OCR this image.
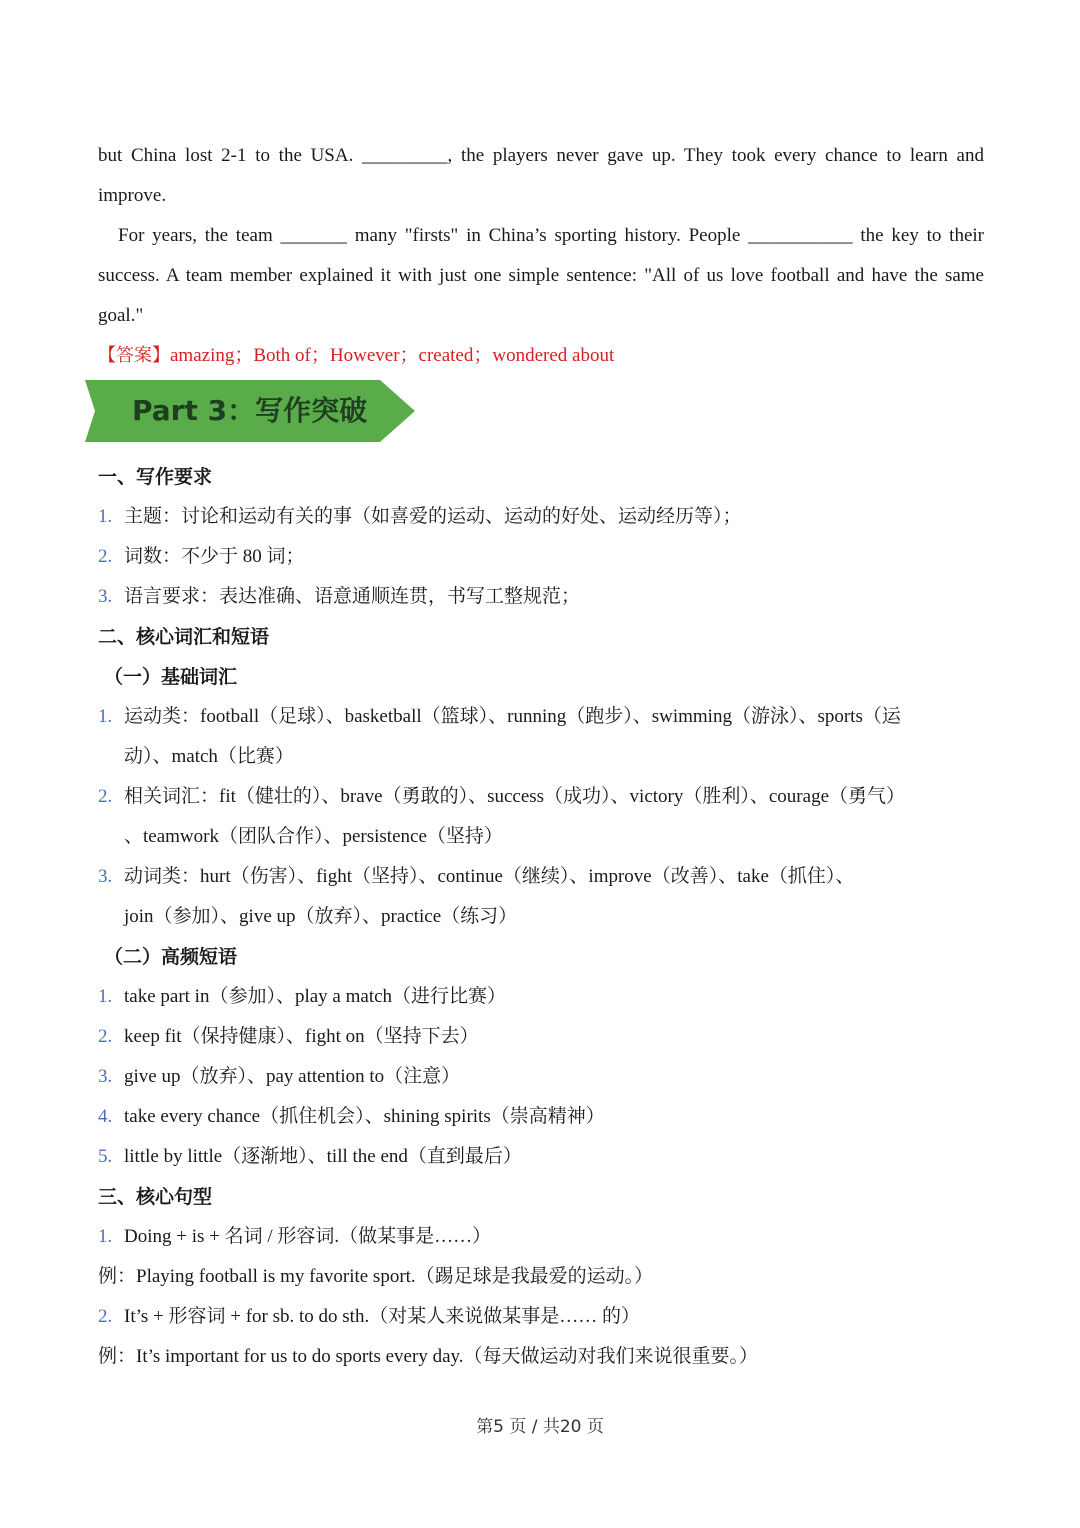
but China lost 2-1 to the USA. _________, the players never gave up. They took every chance to learn and
improve.
For years, the team _______ many "firsts" in China’s sporting history. People ___________ the key to their
success. A team member explained it with just one simple sentence: "All of us love football and have the same
goal."
【答案】amazing；Both of；However；created；wondered about
Part 3：写作突破
一、写作要求
1. 主题：讨论和运动有关的事（如喜爱的运动、运动的好处、运动经历等）；
2. 词数：不少于 80 词；
3. 语言要求：表达准确、语意通顺连贯，书写工整规范；
二、核心词汇和短语
（一）基础词汇
1. 运动类：football（足球）、basketball（篮球）、running（跑步）、swimming（游泳）、sports（运
动）、match（比赛）
2. 相关词汇：fit（健壮的）、brave（勇敢的）、success（成功）、victory（胜利）、courage（勇气）
、teamwork（团队合作）、persistence（坚持）
3. 动词类：hurt（伤害）、fight（坚持）、continue（继续）、improve（改善）、take（抓住）、
join（参加）、give up（放弃）、practice（练习）
（二）高频短语
1. take part in（参加）、play a match（进行比赛）
2. keep fit（保持健康）、fight on（坚持下去）
3. give up（放弃）、pay attention to（注意）
4. take every chance（抓住机会）、shining spirits（崇高精神）
5. little by little（逐渐地）、till the end（直到最后）
三、核心句型
1. Doing + is + 名词 / 形容词.（做某事是……）
例：Playing football is my favorite sport.（踢足球是我最爱的运动。）
2. It’s + 形容词 + for sb. to do sth.（对某人来说做某事是…… 的）
例：It’s important for us to do sports every day.（每天做运动对我们来说很重要。）
第5 页 / 共20 页
